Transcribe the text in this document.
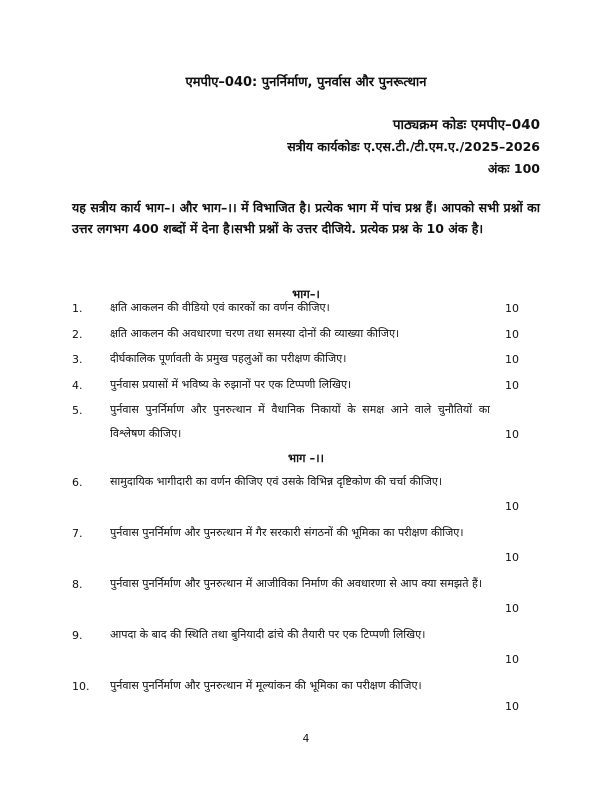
एमपीए–040: पुनर्निर्माण, पुनर्वास और पुनरूत्थान
पाठ्यक्रम कोडः एमपीए–040
सत्रीय कार्यकोडः ए.एस.टी./टी.एम.ए./2025–2026
अंकः 100
यह सत्रीय कार्य भाग–। और भाग–।। में विभाजित है। प्रत्येक भाग में पांच प्रश्न हैं। आपको सभी प्रश्नों का उत्तर लगभग 400 शब्दों में देना है।सभी प्रश्नों के उत्तर दीजिये. प्रत्येक प्रश्न के 10 अंक है।
भाग–।
1.	क्षति आकलन की वीडियो एवं कारकों का वर्णन कीजिए।	10
2.	क्षति आकलन की अवधारणा चरण तथा समस्या दोनों की व्याख्या कीजिए।	10
3.	दीर्घकालिक पूर्णावती के प्रमुख पहलुओं का परीक्षण कीजिए।	10
4.	पुर्नवास प्रयासों में भविष्य के रुझानों पर एक टिप्पणी लिखिए।	10
5.	पुर्नवास पुनर्निर्माण और पुनरुत्थान में वैधानिक निकायों के समक्ष आने वाले चुनौतियों का विश्लेषण कीजिए।	10
भाग –।।
6.	सामुदायिक भागीदारी का वर्णन कीजिए एवं उसके विभिन्न दृष्टिकोण की चर्चा कीजिए।
10
7.	पुर्नवास पुनर्निर्माण और पुनरुत्थान में गैर सरकारी संगठनों की भूमिका का परीक्षण कीजिए।
10
8.	पुर्नवास पुनर्निर्माण और पुनरुत्थान में आजीविका निर्माण की अवधारणा से आप क्या समझते हैं।
10
9.	आपदा के बाद की स्थिति तथा बुनियादी ढांचे की तैयारी पर एक टिप्पणी लिखिए।
10
10.	पुर्नवास पुनर्निर्माण और पुनरुत्थान में मूल्यांकन की भूमिका का परीक्षण कीजिए।
10
4
